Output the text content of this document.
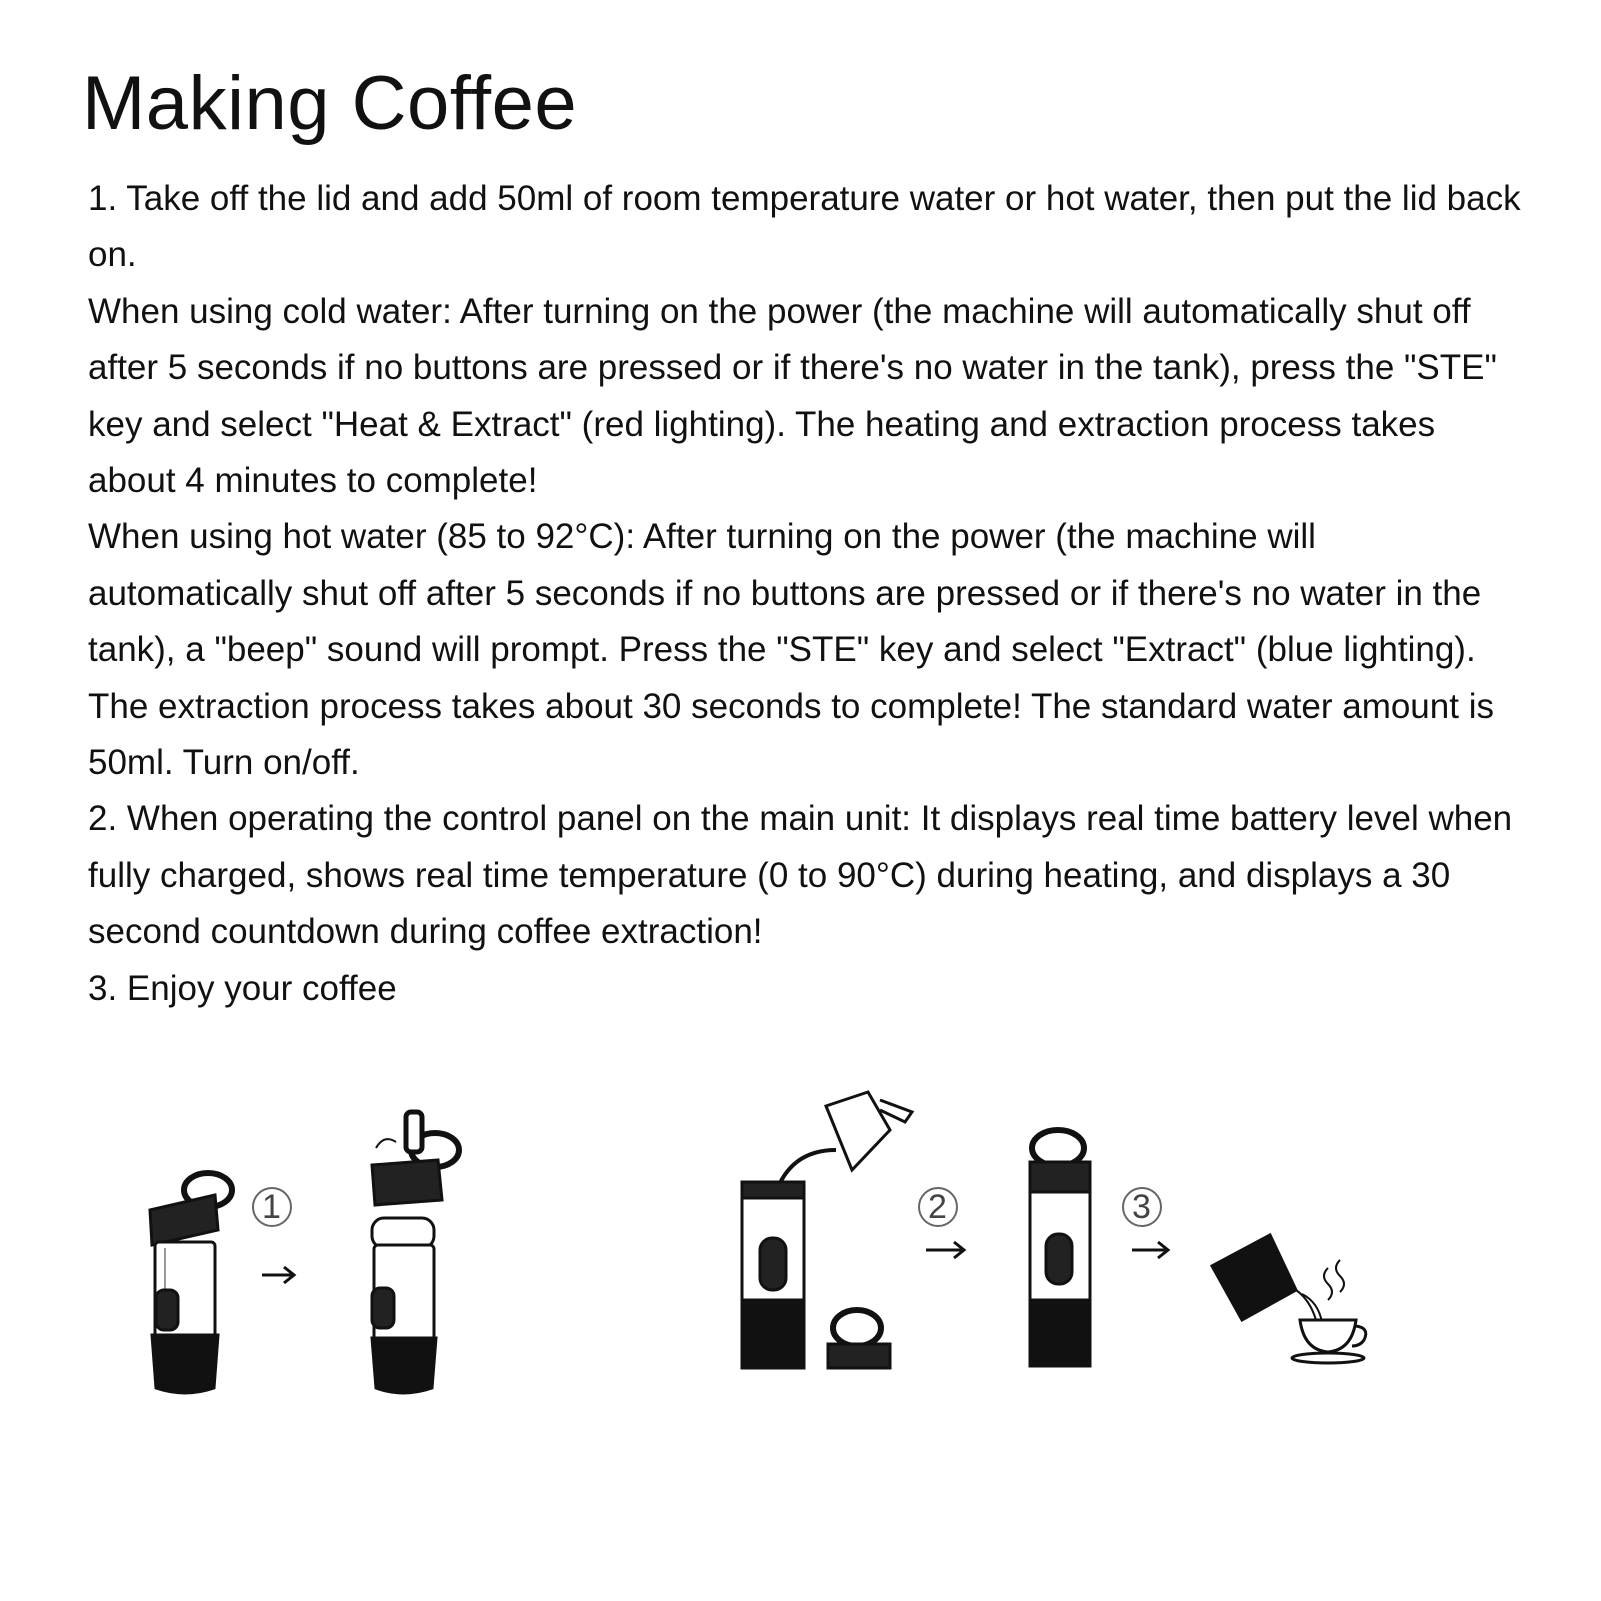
Making Coffee

1. Take off the lid and add 50ml of room temperature water or hot water, then put the lid back on.

When using cold water: After turning on the power (the machine will automatically shut off after 5 seconds if no buttons are pressed or if there's no water in the tank), press the "STE" key and select "Heat & Extract" (red lighting). The heating and extraction process takes about 4 minutes to complete!

When using hot water (85 to 92°C): After turning on the power (the machine will automatically shut off after 5 seconds if no buttons are pressed or if there's no water in the tank), a "beep" sound will prompt. Press the "STE" key and select "Extract" (blue lighting). The extraction process takes about 30 seconds to complete! The standard water amount is 50ml. Turn on/off.

2. When operating the control panel on the main unit: It displays real time battery level when fully charged, shows real time temperature (0 to 90°C) during heating, and displays a 30 second countdown during coffee extraction!

3. Enjoy your coffee

1	2	3
